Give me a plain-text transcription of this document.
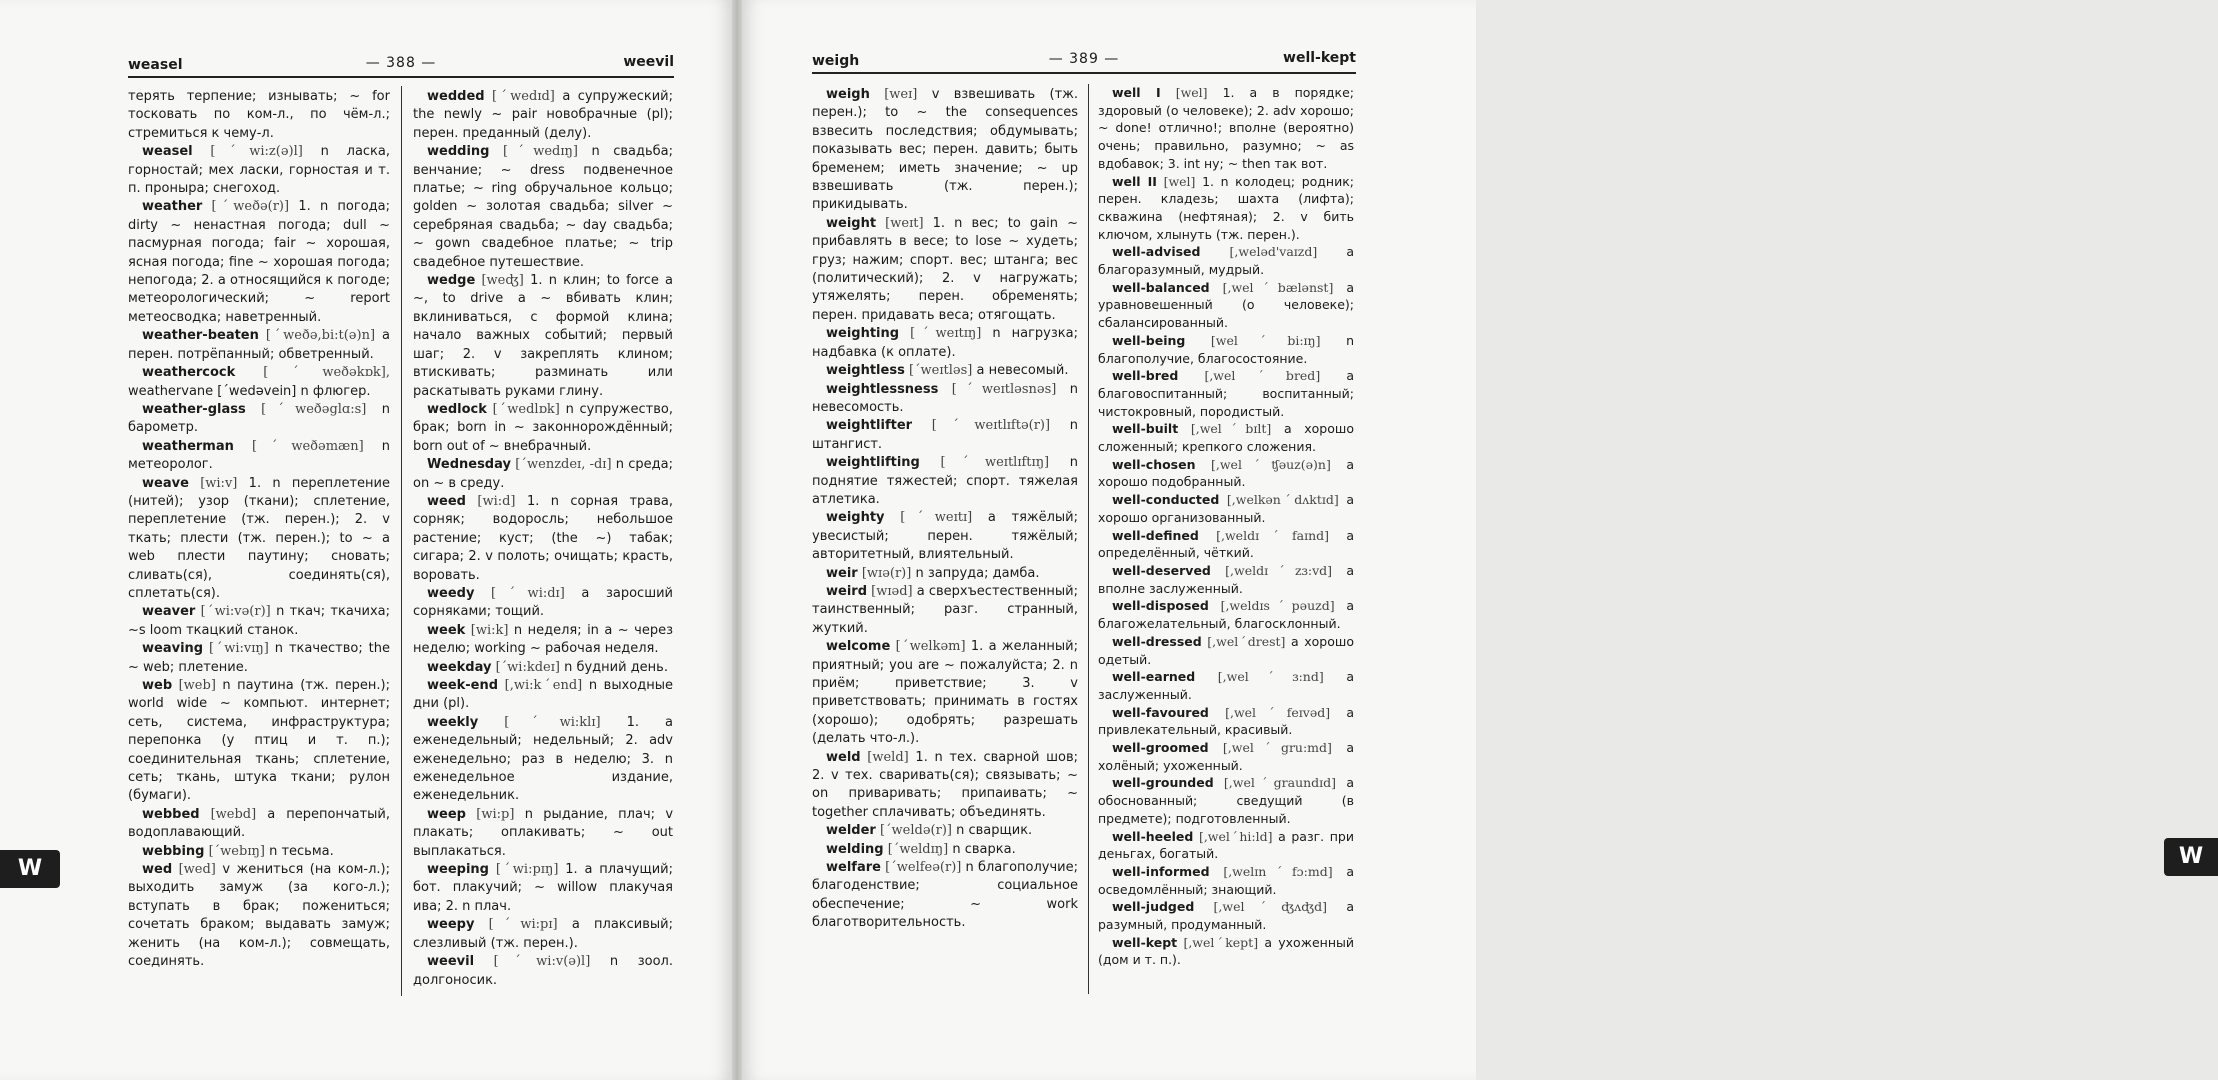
weasel	— 388 —	weevil
терять терпение; изнывать; ~ for тосковать по ком-л., по чём-л.; стремиться к чему-л.
weasel [ˊwi:z(ə)l] n ласка, горностай; мех ласки, горностая и т. п. проныра; снегоход.
weather [ˊweðə(r)] 1. n погода; dirty ~ ненастная погода; dull ~ пасмурная погода; fair ~ хорошая, ясная погода; fine ~ хорошая погода; непогода; 2. a относящийся к погоде; метеорологический; ~ report метеосводка; наветренный.
weather-beaten [ˊweðə,bi:t(ə)n] a перен. потрёпанный; обветренный.
weathercock [ˊweðəkɒk], weathervane [ˊwedəvein] n флюгер.
weather-glass [ˊweðəglɑ:s] n барометр.
weatherman [ˊweðəmæn] n метеоролог.
weave [wi:v] 1. n переплетение (нитей); узор (ткани); сплетение, переплетение (тж. перен.); 2. v ткать; плести (тж. перен.); to ~ a web плести паутину; сновать; сливать(ся), соединять(ся), сплетать(ся).
weaver [ˊwi:və(r)] n ткач; ткачиха; ~s loom ткацкий станок.
weaving [ˊwi:vɪŋ] n ткачество; the ~ web; плетение.
web [web] n паутина (тж. перен.); world wide ~ компьют. интернет; сеть, система, инфраструктура; перепонка (у птиц и т. п.); соединительная ткань; сплетение, сеть; ткань, штука ткани; рулон (бумаги).
webbed [webd] a перепончатый, водоплавающий.
webbing [ˊwebɪŋ] n тесьма.
wed [wed] v жениться (на ком-л.); выходить замуж (за кого-л.); вступать в брак; пожениться; сочетать браком; выдавать замуж; женить (на ком-л.); совмещать, соединять.
wedded [ˊwedɪd] a супружеский; the newly ~ pair новобрачные (pl); перен. преданный (делу).
wedding [ˊwedɪŋ] n свадьба; венчание; ~ dress подвенечное платье; ~ ring обручальное кольцо; golden ~ золотая свадьба; silver ~ серебряная свадьба; ~ day свадьба; ~ gown свадебное платье; ~ trip свадебное путешествие.
wedge [weʤ] 1. n клин; to force a ~, to drive a ~ вбивать клин; вклиниваться, с формой клина; начало важных событий; первый шаг; 2. v закреплять клином; втискивать; разминать или раскатывать руками глину.
wedlock [ˊwedlɒk] n супружество, брак; born in ~ законнорождённый; born out of ~ внебрачный.
Wednesday [ˊwenzdeɪ, -dɪ] n среда; on ~ в среду.
weed [wi:d] 1. n сорная трава, сорняк; водоросль; небольшое растение; куст; (the ~) табак; сигара; 2. v полоть; очищать; красть, воровать.
weedy [ˊwi:dɪ] a заросший сорняками; тощий.
week [wi:k] n неделя; in a ~ через неделю; working ~ рабочая неделя.
weekday [ˊwi:kdeɪ] n будний день.
week-end [,wi:kˊend] n выходные дни (pl).
weekly [ˊwi:klɪ] 1. a еженедельный; недельный; 2. adv еженедельно; раз в неделю; 3. n еженедельное издание, еженедельник.
weep [wi:p] n рыдание, плач; v плакать; оплакивать; ~ out выплакаться.
weeping [ˊwi:pɪŋ] 1. a плачущий; бот. плакучий; ~ willow плакучая ива; 2. n плач.
weepy [ˊwi:pɪ] a плаксивый; слезливый (тж. перен.).
weevil [ˊwi:v(ə)l] n зоол. долгоносик.
W
weigh	— 389 —	well-kept
weigh [weɪ] v взвешивать (тж. перен.); to ~ the consequences взвесить последствия; обдумывать; показывать вес; перен. давить; быть бременем; иметь значение; ~ up взвешивать (тж. перен.); прикидывать.
weight [weɪt] 1. n вес; to gain ~ прибавлять в весе; to lose ~ худеть; груз; нажим; спорт. вес; штанга; вес (политический); 2. v нагружать; утяжелять; перен. обременять; перен. придавать веса; отягощать.
weighting [ˊweɪtɪŋ] n нагрузка; надбавка (к оплате).
weightless [ˊweɪtləs] a невесомый.
weightlessness [ˊweɪtləsnəs] n невесомость.
weightlifter [ˊweɪtlɪftə(r)] n штангист.
weightlifting [ˊweɪtlɪftɪŋ] n поднятие тяжестей; спорт. тяжелая атлетика.
weighty [ˊweɪtɪ] a тяжёлый; увесистый; перен. тяжёлый; авторитетный, влиятельный.
weir [wɪə(r)] n запруда; дамба.
weird [wɪəd] a сверхъестественный; таинственный; разг. странный, жуткий.
welcome [ˊwelkəm] 1. a желанный; приятный; you are ~ пожалуйста; 2. n приём; приветствие; 3. v приветствовать; принимать в гостях (хорошо); одобрять; разрешать (делать что-л.).
weld [weld] 1. n тех. сварной шов; 2. v тех. сваривать(ся); связывать; ~ on приваривать; припаивать; ~ together сплачивать; объединять.
welder [ˊweldə(r)] n сварщик.
welding [ˊweldɪŋ] n сварка.
welfare [ˊwelfeə(r)] n благополучие; благоденствие; социальное обеспечение; ~ work благотворительность.
well I [wel] 1. a в порядке; здоровый (о человеке); 2. adv хорошо; ~ done! отлично!; вполне (вероятно) очень; правильно, разумно; ~ as вдобавок; 3. int ну; ~ then так вот.
well II [wel] 1. n колодец; родник; перен. кладезь; шахта (лифта); скважина (нефтяная); 2. v бить ключом, хлынуть (тж. перен.).
well-advised [,weləd'vaɪzd] a благоразумный, мудрый.
well-balanced [,welˊbælənst] a уравновешенный (о человеке); сбалансированный.
well-being [welˊbi:ɪŋ] n благополучие, благосостояние.
well-bred [,welˊbred] a благовоспитанный; воспитанный; чистокровный, породистый.
well-built [,welˊbɪlt] a хорошо сложенный; крепкого сложения.
well-chosen [,welˊʧəuz(ə)n] a хорошо подобранный.
well-conducted [,welkənˊdʌktɪd] a хорошо организованный.
well-defined [,weldɪˊfaɪnd] a определённый, чёткий.
well-deserved [,weldɪˊzɜ:vd] a вполне заслуженный.
well-disposed [,weldɪsˊpəuzd] a благожелательный, благосклонный.
well-dressed [,welˊdrest] a хорошо одетый.
well-earned [,welˊɜ:nd] a заслуженный.
well-favoured [,welˊfeɪvəd] a привлекательный, красивый.
well-groomed [,welˊgru:md] a холёный; ухоженный.
well-grounded [,welˊgraundɪd] a обоснованный; сведущий (в предмете); подготовленный.
well-heeled [,welˊhi:ld] a разг. при деньгах, богатый.
well-informed [,welɪnˊfɔ:md] a осведомлённый; знающий.
well-judged [,welˊʤʌʤd] a разумный, продуманный.
well-kept [,welˊkept] a ухоженный (дом и т. п.).
W
